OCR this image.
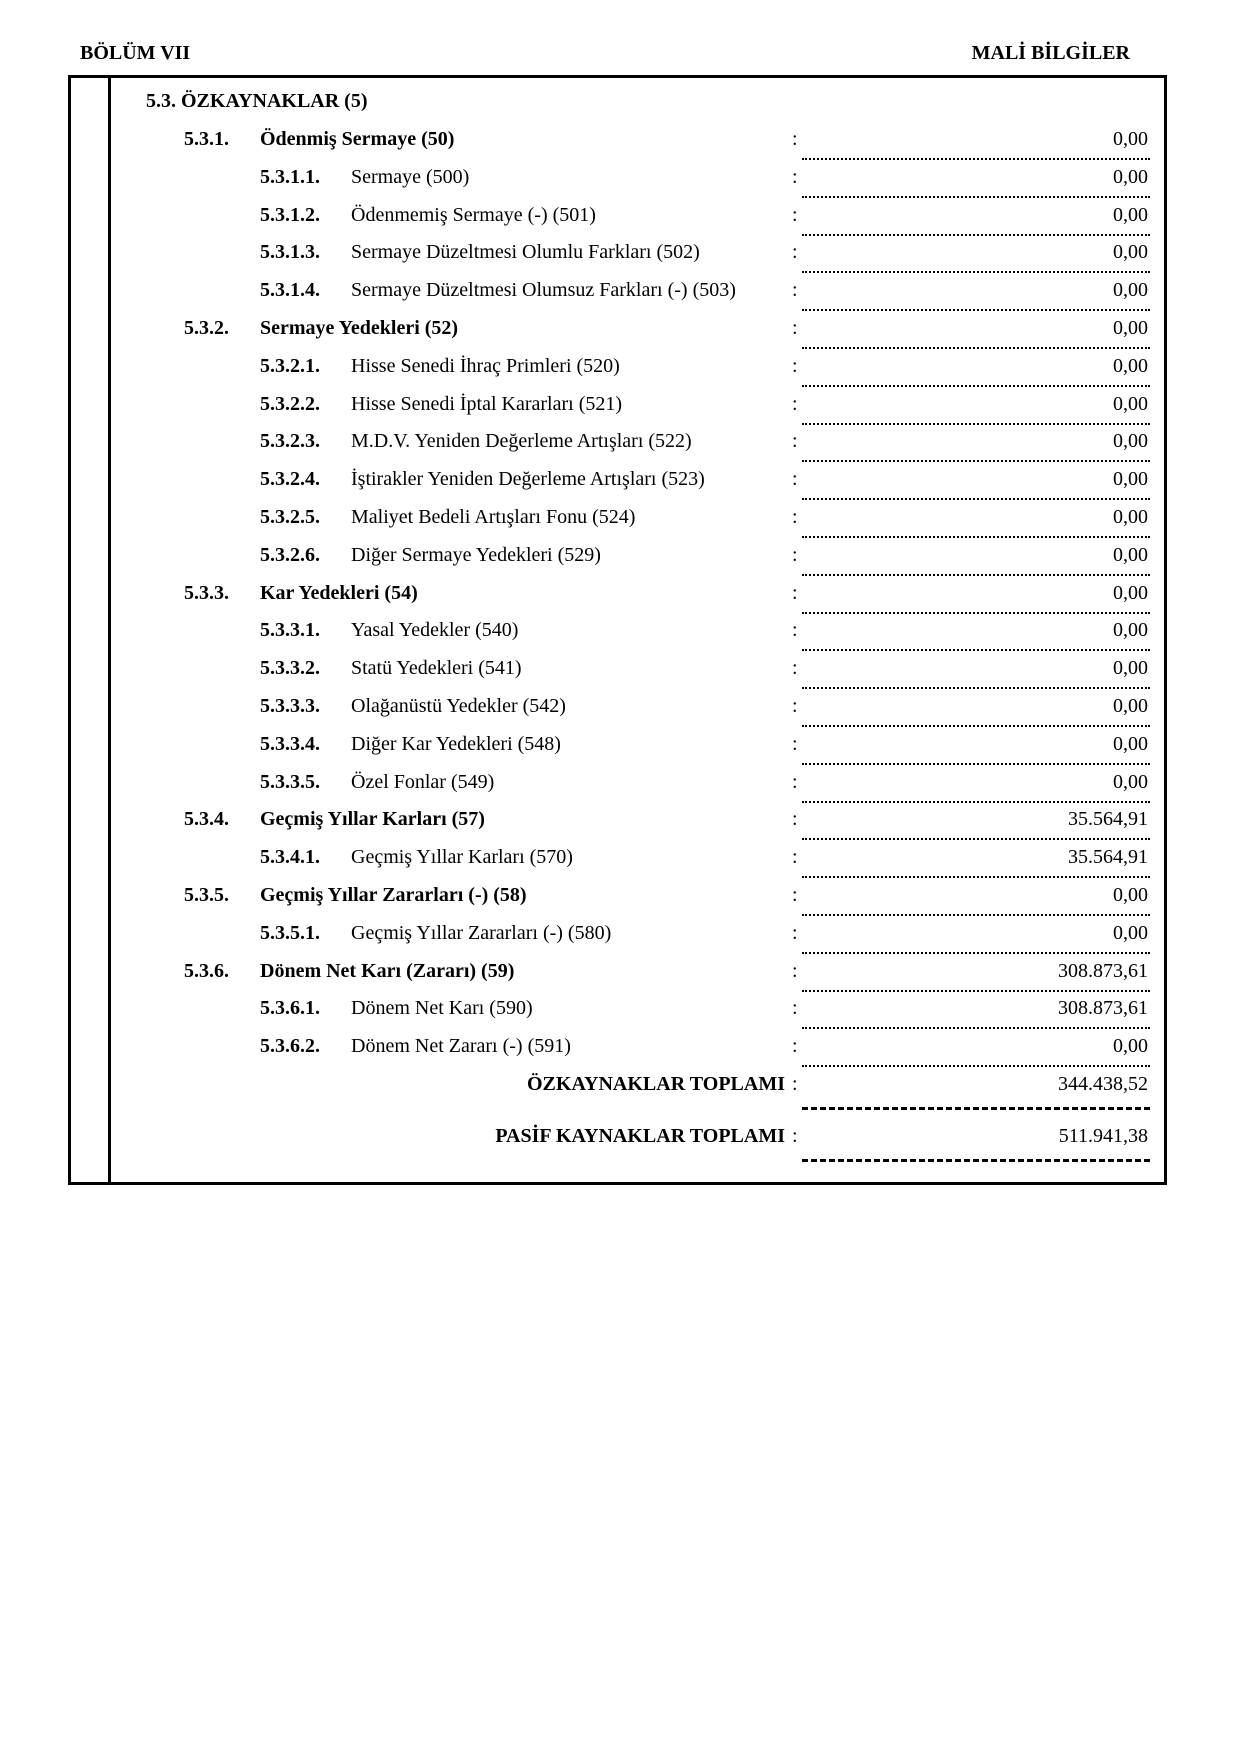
BÖLÜM VII	MALİ BİLGİLER
5.3. ÖZKAYNAKLAR (5)
5.3.1. Ödenmiş Sermaye (50)	:	0,00
5.3.1.1. Sermaye (500)	:	0,00
5.3.1.2. Ödenmemiş Sermaye (-) (501)	:	0,00
5.3.1.3. Sermaye Düzeltmesi Olumlu Farkları (502)	:	0,00
5.3.1.4. Sermaye Düzeltmesi Olumsuz Farkları (-) (503)	:	0,00
5.3.2. Sermaye Yedekleri (52)	:	0,00
5.3.2.1. Hisse Senedi İhraç Primleri (520)	:	0,00
5.3.2.2. Hisse Senedi İptal Kararları (521)	:	0,00
5.3.2.3. M.D.V. Yeniden Değerleme Artışları (522)	:	0,00
5.3.2.4. İştirakler Yeniden Değerleme Artışları (523)	:	0,00
5.3.2.5. Maliyet Bedeli Artışları Fonu (524)	:	0,00
5.3.2.6. Diğer Sermaye Yedekleri (529)	:	0,00
5.3.3. Kar Yedekleri (54)	:	0,00
5.3.3.1. Yasal Yedekler (540)	:	0,00
5.3.3.2. Statü Yedekleri (541)	:	0,00
5.3.3.3. Olağanüstü Yedekler (542)	:	0,00
5.3.3.4. Diğer Kar Yedekleri (548)	:	0,00
5.3.3.5. Özel Fonlar (549)	:	0,00
5.3.4. Geçmiş Yıllar Karları (57)	:	35.564,91
5.3.4.1. Geçmiş Yıllar Karları (570)	:	35.564,91
5.3.5. Geçmiş Yıllar Zararları (-) (58)	:	0,00
5.3.5.1. Geçmiş Yıllar Zararları (-) (580)	:	0,00
5.3.6. Dönem Net Karı (Zararı) (59)	:	308.873,61
5.3.6.1. Dönem Net Karı (590)	:	308.873,61
5.3.6.2. Dönem Net Zararı (-) (591)	:	0,00
ÖZKAYNAKLAR TOPLAMI :	344.438,52
PASİF KAYNAKLAR TOPLAMI :	511.941,38
